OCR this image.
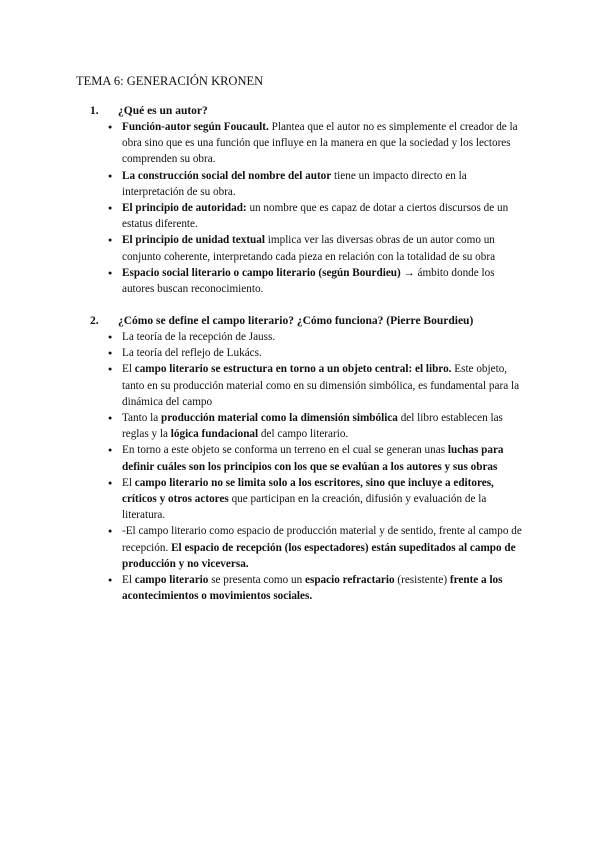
TEMA 6: GENERACIÓN KRONEN
1. ¿Qué es un autor?
● Función-autor según Foucault. Plantea que el autor no es simplemente el creador de la obra sino que es una función que influye en la manera en que la sociedad y los lectores comprenden su obra.
● La construcción social del nombre del autor tiene un impacto directo en la interpretación de su obra.
● El principio de autoridad: un nombre que es capaz de dotar a ciertos discursos de un estatus diferente.
● El principio de unidad textual implica ver las diversas obras de un autor como un conjunto coherente, interpretando cada pieza en relación con la totalidad de su obra
● Espacio social literario o campo literario (según Bourdieu) → ámbito donde los autores buscan reconocimiento.
2. ¿Cómo se define el campo literario? ¿Cómo funciona? (Pierre Bourdieu)
● La teoría de la recepción de Jauss.
● La teoría del reflejo de Lukács.
● El campo literario se estructura en torno a un objeto central: el libro. Este objeto, tanto en su producción material como en su dimensión simbólica, es fundamental para la dinámica del campo
● Tanto la producción material como la dimensión simbólica del libro establecen las reglas y la lógica fundacional del campo literario.
● En torno a este objeto se conforma un terreno en el cual se generan unas luchas para definir cuáles son los principios con los que se evalúan a los autores y sus obras
● El campo literario no se limita solo a los escritores, sino que incluye a editores, críticos y otros actores que participan en la creación, difusión y evaluación de la literatura.
● -El campo literario como espacio de producción material y de sentido, frente al campo de recepción. El espacio de recepción (los espectadores) están supeditados al campo de producción y no viceversa.
● El campo literario se presenta como un espacio refractario (resistente) frente a los acontecimientos o movimientos sociales.
